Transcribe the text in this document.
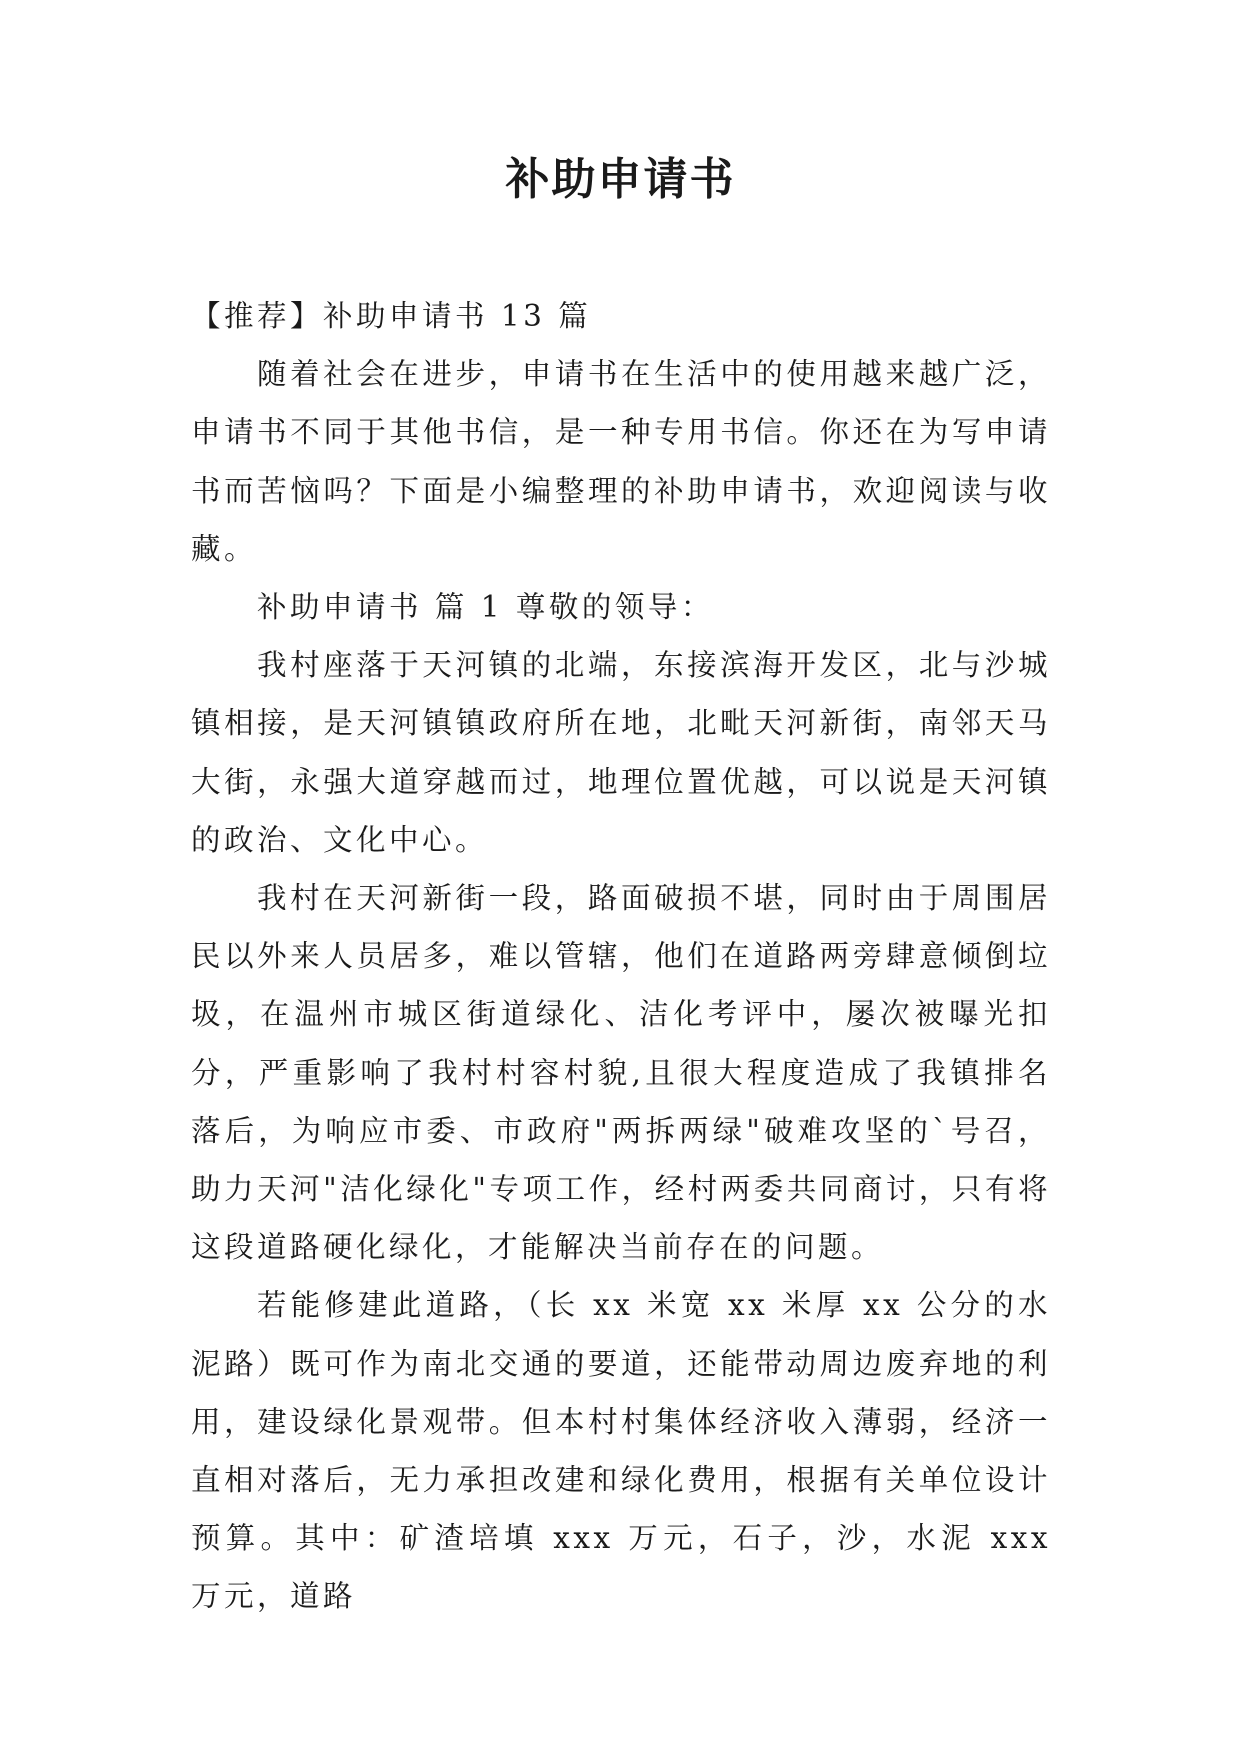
补助申请书

【推荐】补助申请书 13 篇

随着社会在进步，申请书在生活中的使用越来越广泛，申请书不同于其他书信，是一种专用书信。你还在为写申请书而苦恼吗？下面是小编整理的补助申请书，欢迎阅读与收藏。

补助申请书 篇 1 尊敬的领导：

我村座落于天河镇的北端，东接滨海开发区，北与沙城镇相接，是天河镇镇政府所在地，北毗天河新街，南邻天马大街，永强大道穿越而过，地理位置优越，可以说是天河镇的政治、文化中心。

我村在天河新街一段，路面破损不堪，同时由于周围居民以外来人员居多，难以管辖，他们在道路两旁肆意倾倒垃圾，在温州市城区街道绿化、洁化考评中，屡次被曝光扣分，严重影响了我村村容村貌,且很大程度造成了我镇排名落后，为响应市委、市政府"两拆两绿"破难攻坚的`号召，助力天河"洁化绿化"专项工作，经村两委共同商讨，只有将这段道路硬化绿化，才能解决当前存在的问题。

若能修建此道路，（长 xx 米宽 xx 米厚 xx 公分的水泥路）既可作为南北交通的要道，还能带动周边废弃地的利用，建设绿化景观带。但本村村集体经济收入薄弱，经济一直相对落后，无力承担改建和绿化费用，根据有关单位设计预算。其中：矿渣培填 xxx 万元，石子，沙，水泥 xxx 万元，道路
